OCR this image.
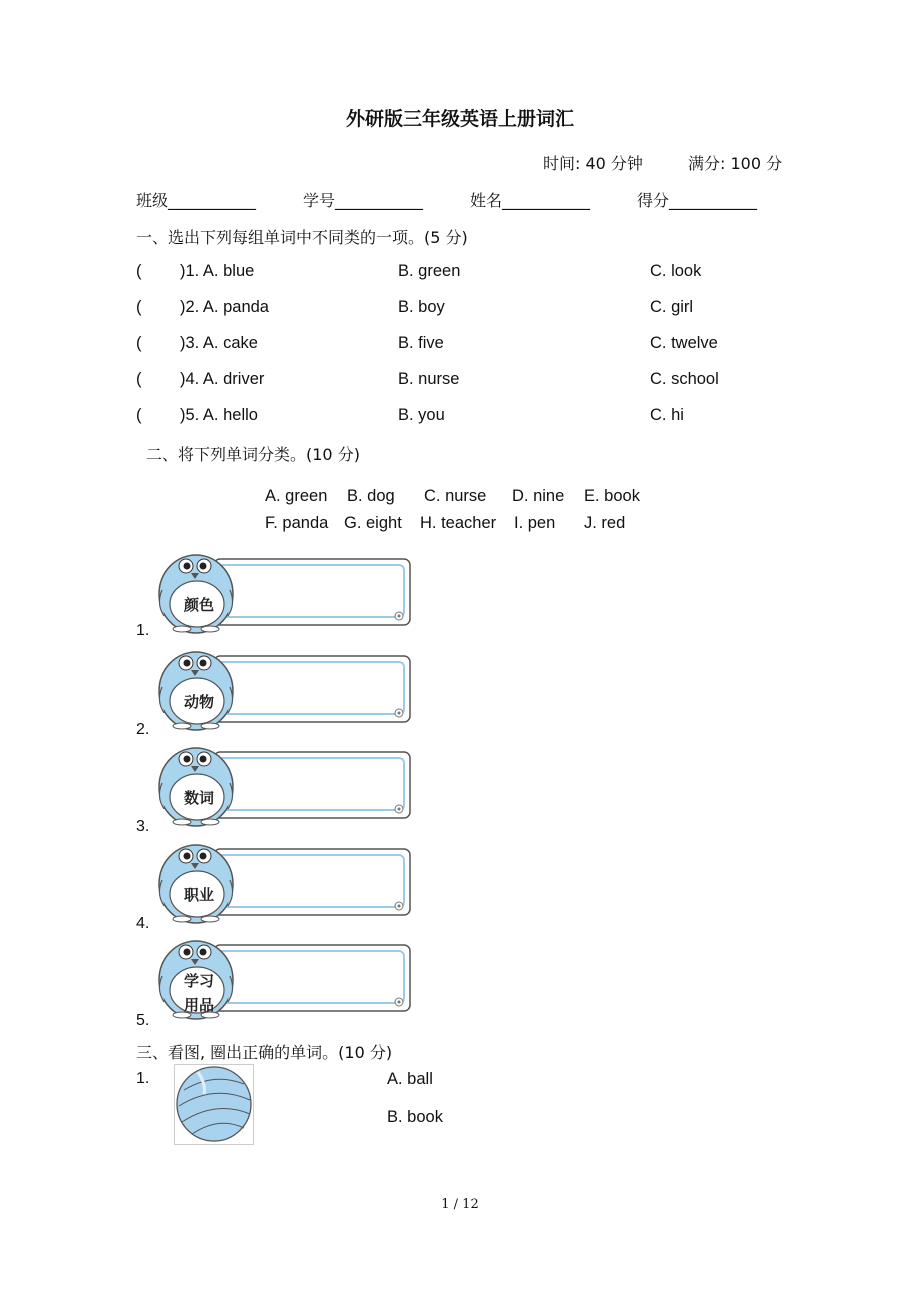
外研版三年级英语上册词汇
时间: 40 分钟	满分: 100 分
班级___________	学号___________	姓名___________	得分___________
一、选出下列每组单词中不同类的一项。(5 分)
( )1. A. blue	B. green	C. look
( )2. A. panda	B. boy	C. girl
( )3. A. cake	B. five	C. twelve
( )4. A. driver	B. nurse	C. school
( )5. A. hello	B. you	C. hi
二、将下列单词分类。(10 分)
A. green B. dog C. nurse D. nine E. book
F. panda G. eight H. teacher I. pen J. red
1.
颜色
2.
动物
3.
数词
4.
职业
5.
学习
用品
三、看图, 圈出正确的单词。(10 分)
1.	A. ball
B. book
1 / 12
